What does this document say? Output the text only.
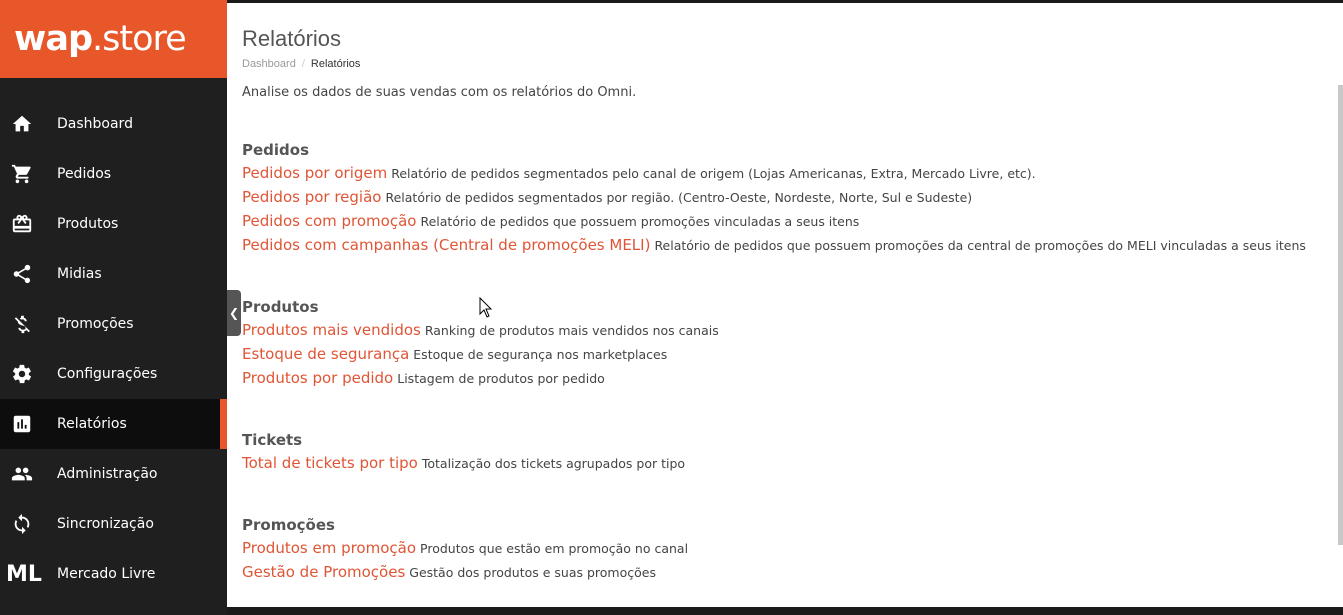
wap.store
Dashboard
Pedidos
Produtos
Midias
Promoções
Configurações
Relatórios
Administração
Sincronização
ML Mercado Livre
❮
Relatórios
Dashboard / Relatórios
Analise os dados de suas vendas com os relatórios do Omni.
Pedidos
Pedidos por origem Relatório de pedidos segmentados pelo canal de origem (Lojas Americanas, Extra, Mercado Livre, etc).
Pedidos por região Relatório de pedidos segmentados por região. (Centro-Oeste, Nordeste, Norte, Sul e Sudeste)
Pedidos com promoção Relatório de pedidos que possuem promoções vinculadas a seus itens
Pedidos com campanhas (Central de promoções MELI) Relatório de pedidos que possuem promoções da central de promoções do MELI vinculadas a seus itens
Produtos
Produtos mais vendidos Ranking de produtos mais vendidos nos canais
Estoque de segurança Estoque de segurança nos marketplaces
Produtos por pedido Listagem de produtos por pedido
Tickets
Total de tickets por tipo Totalização dos tickets agrupados por tipo
Promoções
Produtos em promoção Produtos que estão em promoção no canal
Gestão de Promoções Gestão dos produtos e suas promoções
